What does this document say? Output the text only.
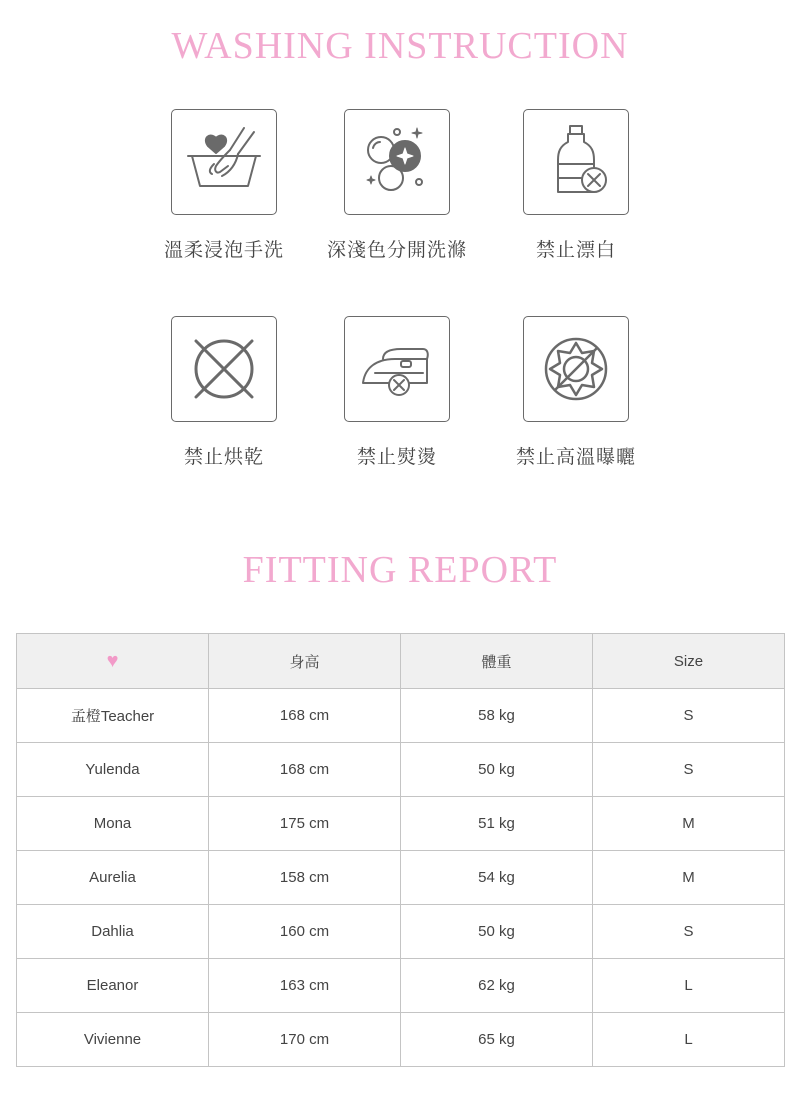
WASHING INSTRUCTION
溫柔浸泡手洗	深淺色分開洗滌	禁止漂白
禁止烘乾	禁止熨燙	禁止高溫曝曬
FITTING REPORT
♥	身高	體重	Size
孟橙Teacher	168 cm	58 kg	S
Yulenda	168 cm	50 kg	S
Mona	175 cm	51 kg	M
Aurelia	158 cm	54 kg	M
Dahlia	160 cm	50 kg	S
Eleanor	163 cm	62 kg	L
Vivienne	170 cm	65 kg	L
